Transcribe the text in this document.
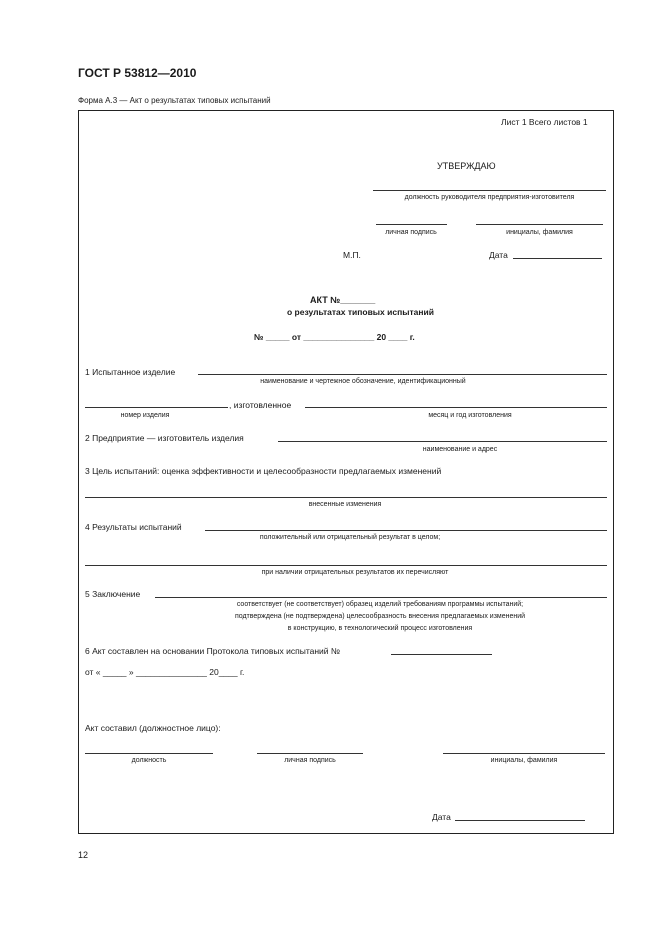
ГОСТ Р 53812—2010
Форма А.3 — Акт о результатах типовых испытаний
Лист 1 Всего листов 1
УТВЕРЖДАЮ
должность руководителя предприятия-изготовителя
личная подпись	инициалы, фамилия
М.П.	Дата
АКТ №_______
о результатах типовых испытаний
№ _____ от _______________ 20 ____ г.
1 Испытанное изделие
наименование и чертежное обозначение, идентификационный
, изготовленное
номер изделия	месяц и год изготовления
2 Предприятие — изготовитель изделия
наименование и адрес
3 Цель испытаний: оценка эффективности и целесообразности предлагаемых изменений
внесенные изменения
4 Результаты испытаний
положительный или отрицательный результат в целом;
при наличии отрицательных результатов их перечисляют
5 Заключение
соответствует (не соответствует) образец изделий требованиям программы испытаний;
подтверждена (не подтверждена) целесообразность внесения предлагаемых изменений
в конструкцию, в технологический процесс изготовления
6 Акт составлен на основании Протокола типовых испытаний №
от « _____ » _______________ 20____ г.
Акт составил (должностное лицо):
должность	личная подпись	инициалы, фамилия
Дата
12
